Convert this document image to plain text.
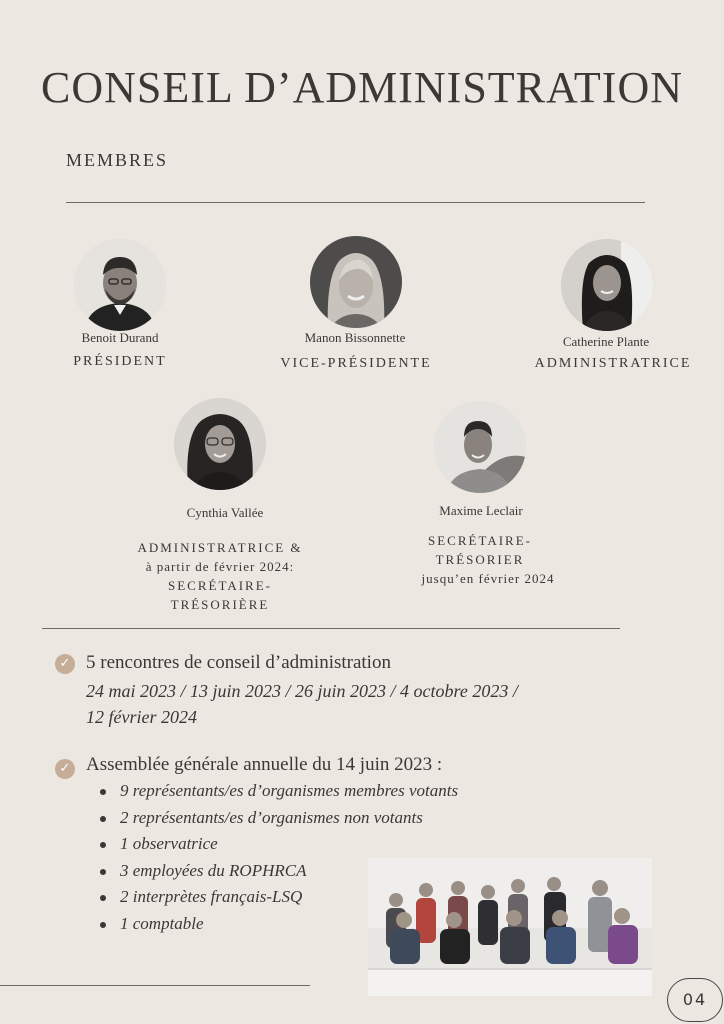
CONSEIL D’ADMINISTRATION
MEMBRES
Benoit Durand
PRÉSIDENT
Manon Bissonnette
VICE-PRÉSIDENTE
Catherine Plante
ADMINISTRATRICE
Cynthia Vallée
ADMINISTRATRICE &
à partir de février 2024:
SECRÉTAIRE-
TRÉSORIÈRE
Maxime Leclair
SECRÉTAIRE-
TRÉSORIER
jusqu’en février 2024
✓ 5 rencontres de conseil d’administration
24 mai 2023 / 13 juin 2023 / 26 juin 2023 / 4 octobre 2023 /
12 février 2024
✓ Assemblée générale annuelle du 14 juin 2023 :
9 représentants/es d’organismes membres votants
2 représentants/es d’organismes non votants
1 observatrice
3 employées du ROPHRCA
2 interprètes français-LSQ
1 comptable
04
